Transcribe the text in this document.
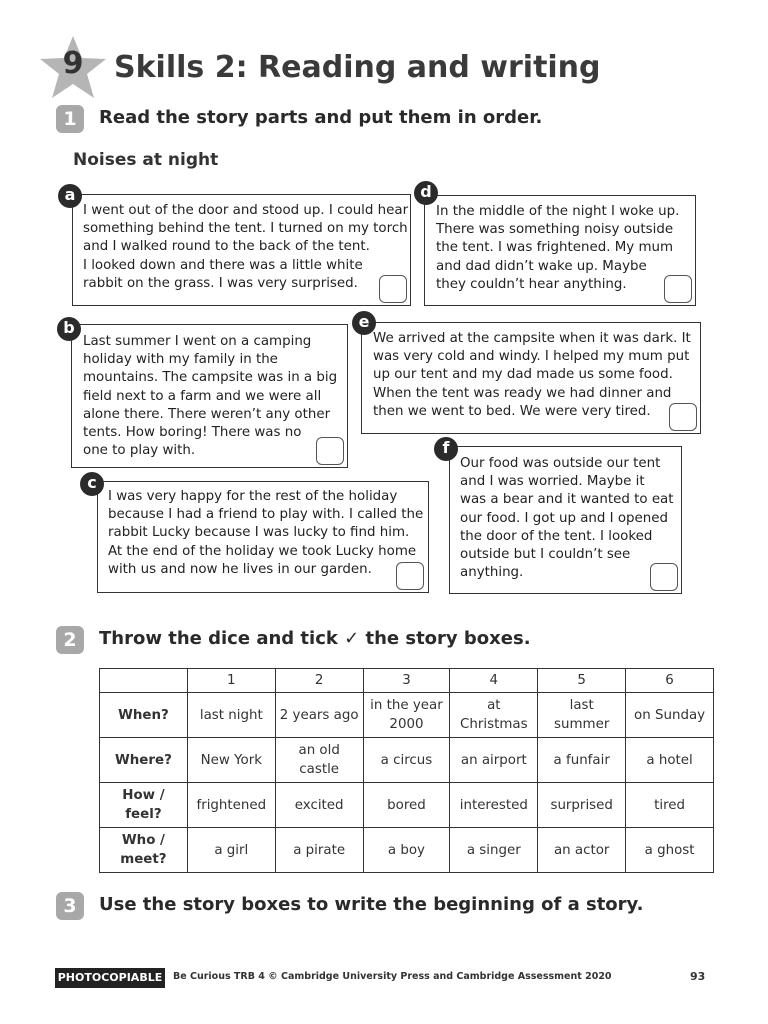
9	Skills 2: Reading and writing
1	Read the story parts and put them in order.
Noises at night
I went out of the door and stood up. I could hear
something behind the tent. I turned on my torch
and I walked round to the back of the tent.
I looked down and there was a little white
rabbit on the grass. I was very surprised.
a
In the middle of the night I woke up.
There was something noisy outside
the tent. I was frightened. My mum
and dad didn’t wake up. Maybe
they couldn’t hear anything.
d
Last summer I went on a camping
holiday with my family in the
mountains. The campsite was in a big
field next to a farm and we were all
alone there. There weren’t any other
tents. How boring! There was no
one to play with.
b
We arrived at the campsite when it was dark. It
was very cold and windy. I helped my mum put
up our tent and my dad made us some food.
When the tent was ready we had dinner and
then we went to bed. We were very tired.
e
I was very happy for the rest of the holiday
because I had a friend to play with. I called the
rabbit Lucky because I was lucky to find him.
At the end of the holiday we took Lucky home
with us and now he lives in our garden.
c
Our food was outside our tent
and I was worried. Maybe it
was a bear and it wanted to eat
our food. I got up and I opened
the door of the tent. I looked
outside but I couldn’t see
anything.
f
2	Throw the dice and tick ✓ the story boxes.
	1	2	3	4	5	6
When?	last night	2 years ago	in the year 2000	at Christmas	last summer	on Sunday
Where?	New York	an old castle	a circus	an airport	a funfair	a hotel
How / feel?	frightened	excited	bored	interested	surprised	tired
Who / meet?	a girl	a pirate	a boy	a singer	an actor	a ghost
3	Use the story boxes to write the beginning of a story.
PHOTOCOPIABLE Be Curious TRB 4 © Cambridge University Press and Cambridge Assessment 2020	93
